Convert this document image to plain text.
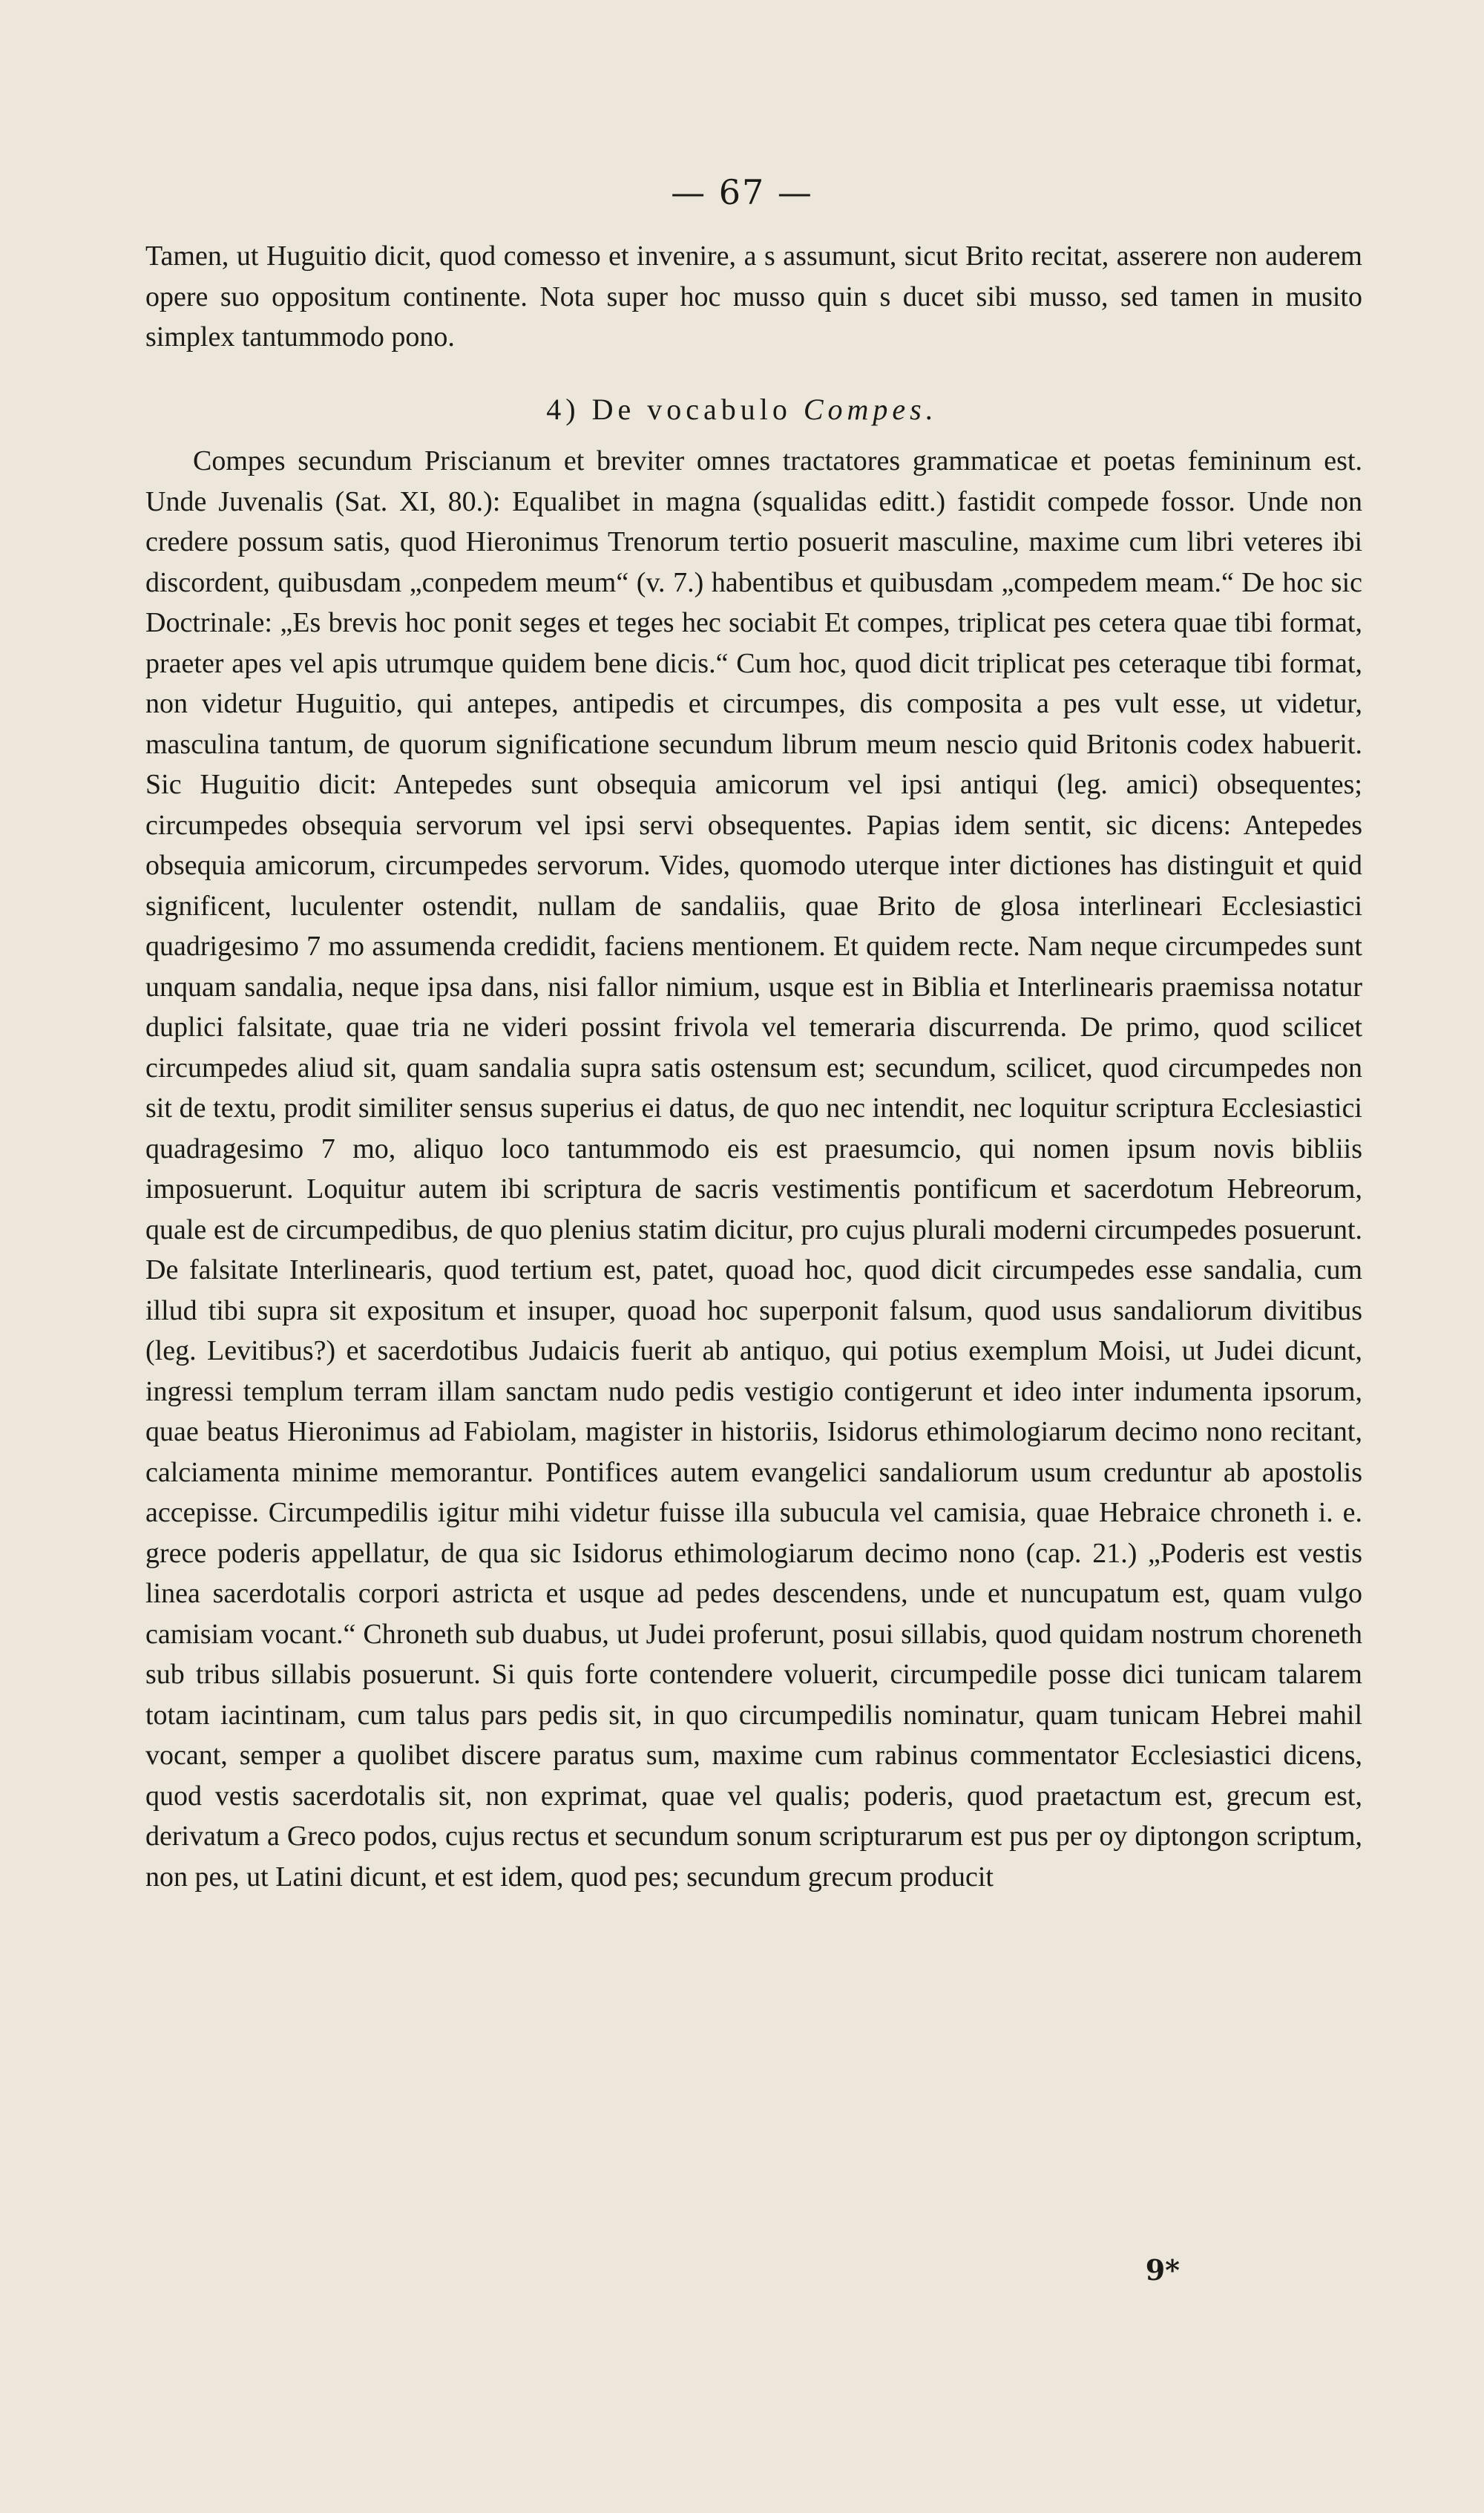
— 67 —

Tamen, ut Huguitio dicit, quod comesso et invenire, a s assumunt, sicut Brito recitat, asserere non auderem opere suo oppositum continente. Nota super hoc musso quin s ducet sibi musso, sed tamen in musito simplex tantummodo pono.

4) De vocabulo Compes.

Compes secundum Priscianum et breviter omnes tractatores grammaticae et poetas femininum est. Unde Juvenalis (Sat. XI, 80.): Equalibet in magna (squalidas editt.) fastidit compede fossor. Unde non credere possum satis, quod Hieronimus Trenorum tertio posuerit masculine, maxime cum libri veteres ibi discordent, quibusdam „conpedem meum“ (v. 7.) habentibus et quibusdam „compedem meam.“ De hoc sic Doctrinale: „Es brevis hoc ponit seges et teges hec sociabit Et compes, triplicat pes cetera quae tibi format, praeter apes vel apis utrumque quidem bene dicis.“ Cum hoc, quod dicit triplicat pes ceteraque tibi format, non videtur Huguitio, qui antepes, antipedis et circumpes, dis composita a pes vult esse, ut videtur, masculina tantum, de quorum significatione secundum librum meum nescio quid Britonis codex habuerit. Sic Huguitio dicit: Antepedes sunt obsequia amicorum vel ipsi antiqui (leg. amici) obsequentes; circumpedes obsequia servorum vel ipsi servi obsequentes. Papias idem sentit, sic dicens: Antepedes obsequia amicorum, circumpedes servorum. Vides, quomodo uterque inter dictiones has distinguit et quid significent, luculenter ostendit, nullam de sandaliis, quae Brito de glosa interlineari Ecclesiastici quadrigesimo 7 mo assumenda credidit, faciens mentionem. Et quidem recte. Nam neque circumpedes sunt unquam sandalia, neque ipsa dans, nisi fallor nimium, usque est in Biblia et Interlinearis praemissa notatur duplici falsitate, quae tria ne videri possint frivola vel temeraria discurrenda. De primo, quod scilicet circumpedes aliud sit, quam sandalia supra satis ostensum est; secundum, scilicet, quod circumpedes non sit de textu, prodit similiter sensus superius ei datus, de quo nec intendit, nec loquitur scriptura Ecclesiastici quadragesimo 7 mo, aliquo loco tantummodo eis est praesumcio, qui nomen ipsum novis bibliis imposuerunt. Loquitur autem ibi scriptura de sacris vestimentis pontificum et sacerdotum Hebreorum, quale est de circumpedibus, de quo plenius statim dicitur, pro cujus plurali moderni circumpedes posuerunt. De falsitate Interlinearis, quod tertium est, patet, quoad hoc, quod dicit circumpedes esse sandalia, cum illud tibi supra sit expositum et insuper, quoad hoc superponit falsum, quod usus sandaliorum divitibus (leg. Levitibus?) et sacerdotibus Judaicis fuerit ab antiquo, qui potius exemplum Moisi, ut Judei dicunt, ingressi templum terram illam sanctam nudo pedis vestigio contigerunt et ideo inter indumenta ipsorum, quae beatus Hieronimus ad Fabiolam, magister in historiis, Isidorus ethimologiarum decimo nono recitant, calciamenta minime memorantur. Pontifices autem evangelici sandaliorum usum creduntur ab apostolis accepisse. Circumpedilis igitur mihi videtur fuisse illa subucula vel camisia, quae Hebraice chroneth i. e. grece poderis appellatur, de qua sic Isidorus ethimologiarum decimo nono (cap. 21.) „Poderis est vestis linea sacerdotalis corpori astricta et usque ad pedes descendens, unde et nuncupatum est, quam vulgo camisiam vocant.“ Chroneth sub duabus, ut Judei proferunt, posui sillabis, quod quidam nostrum choreneth sub tribus sillabis posuerunt. Si quis forte contendere voluerit, circumpedile posse dici tunicam talarem totam iacintinam, cum talus pars pedis sit, in quo circumpedilis nominatur, quam tunicam Hebrei mahil vocant, semper a quolibet discere paratus sum, maxime cum rabinus commentator Ecclesiastici dicens, quod vestis sacerdotalis sit, non exprimat, quae vel qualis; poderis, quod praetactum est, grecum est, derivatum a Greco podos, cujus rectus et secundum sonum scripturarum est pus per oy diptongon scriptum, non pes, ut Latini dicunt, et est idem, quod pes; secundum grecum producit

9*
